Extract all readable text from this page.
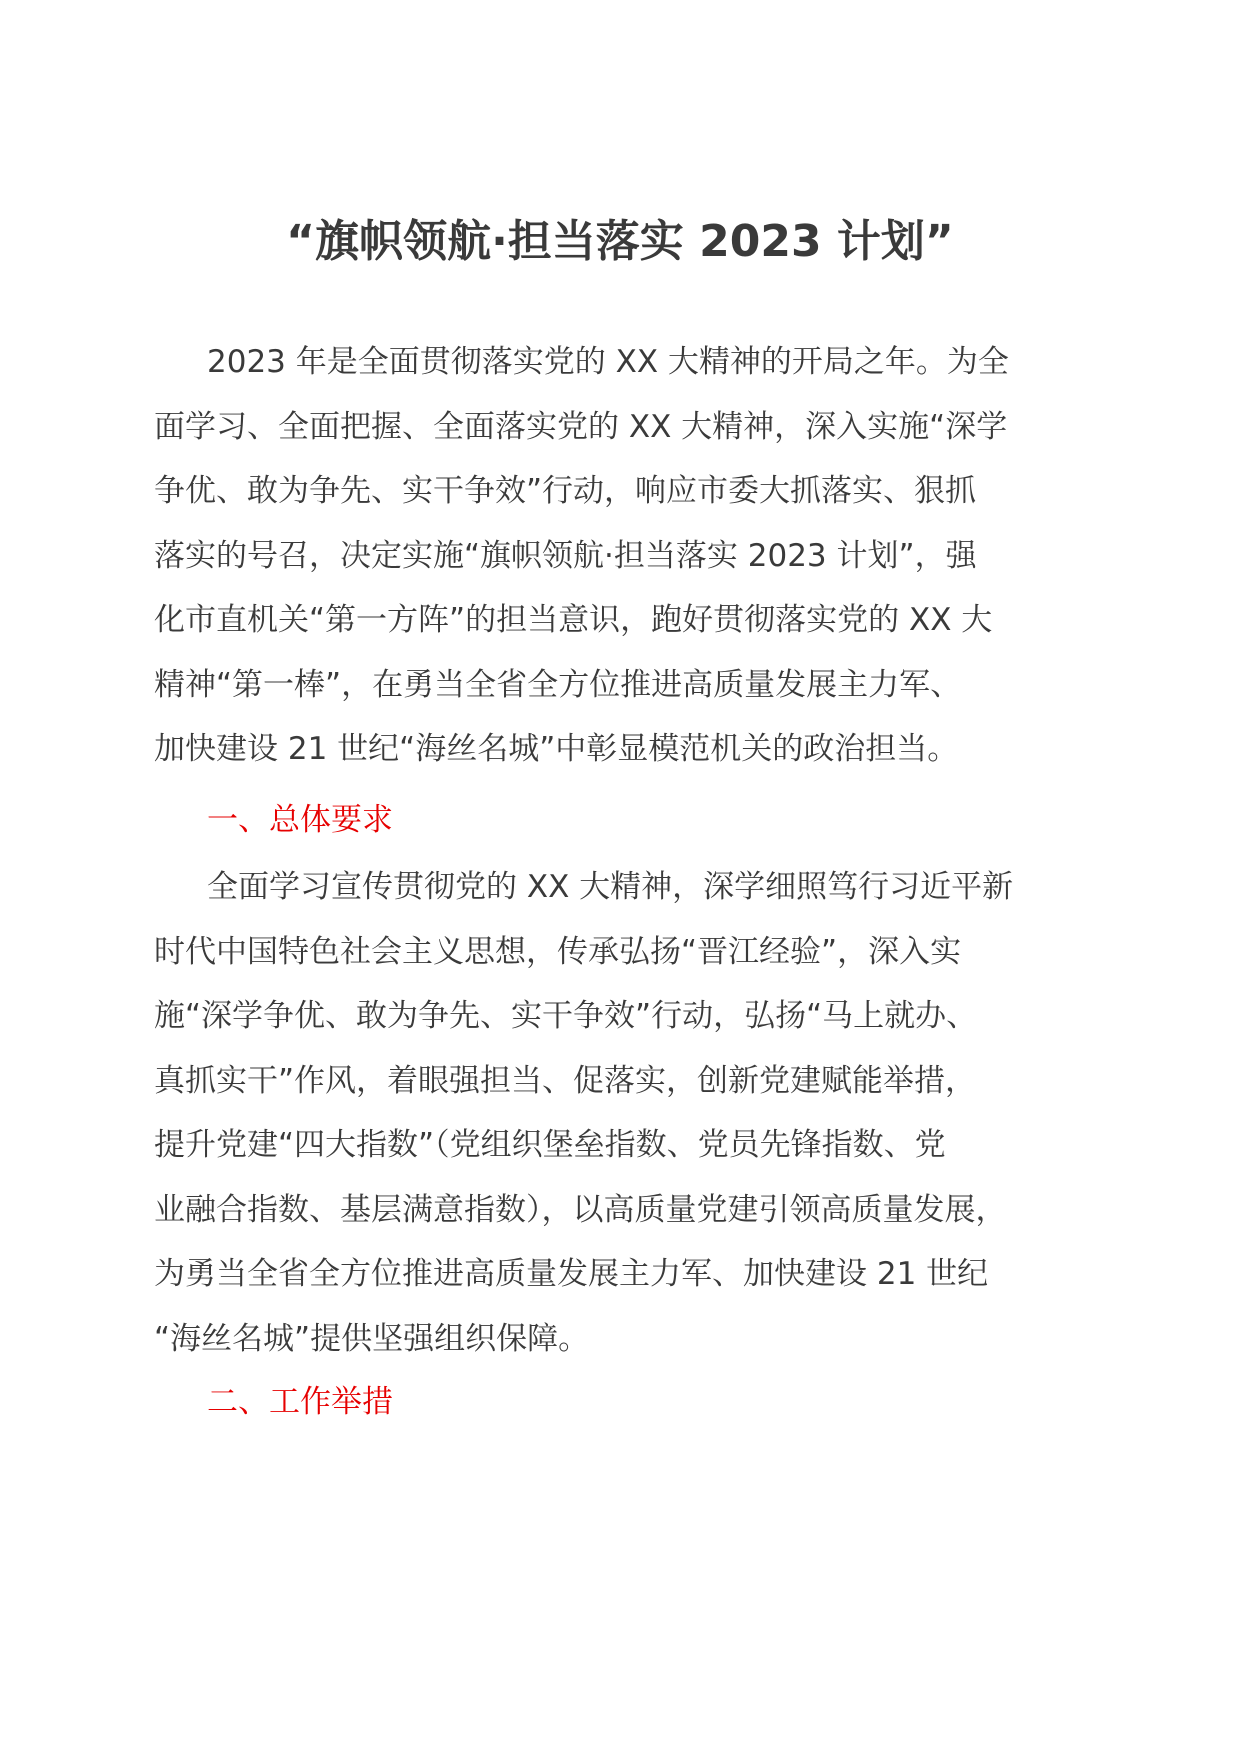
“旗帜领航·担当落实 2023 计划”
2023 年是全面贯彻落实党的 XX 大精神的开局之年。为全
面学习、全面把握、全面落实党的 XX 大精神，深入实施“深学
争优、敢为争先、实干争效”行动，响应市委大抓落实、狠抓
落实的号召，决定实施“旗帜领航·担当落实 2023 计划”，强
化市直机关“第一方阵”的担当意识，跑好贯彻落实党的 XX 大
精神“第一棒”，在勇当全省全方位推进高质量发展主力军、
加快建设 21 世纪“海丝名城”中彰显模范机关的政治担当。
一、总体要求
全面学习宣传贯彻党的 XX 大精神，深学细照笃行习近平新
时代中国特色社会主义思想，传承弘扬“晋江经验”，深入实
施“深学争优、敢为争先、实干争效”行动，弘扬“马上就办、
真抓实干”作风，着眼强担当、促落实，创新党建赋能举措，
提升党建“四大指数”（党组织堡垒指数、党员先锋指数、党
业融合指数、基层满意指数），以高质量党建引领高质量发展，
为勇当全省全方位推进高质量发展主力军、加快建设 21 世纪
“海丝名城”提供坚强组织保障。
二、工作举措
